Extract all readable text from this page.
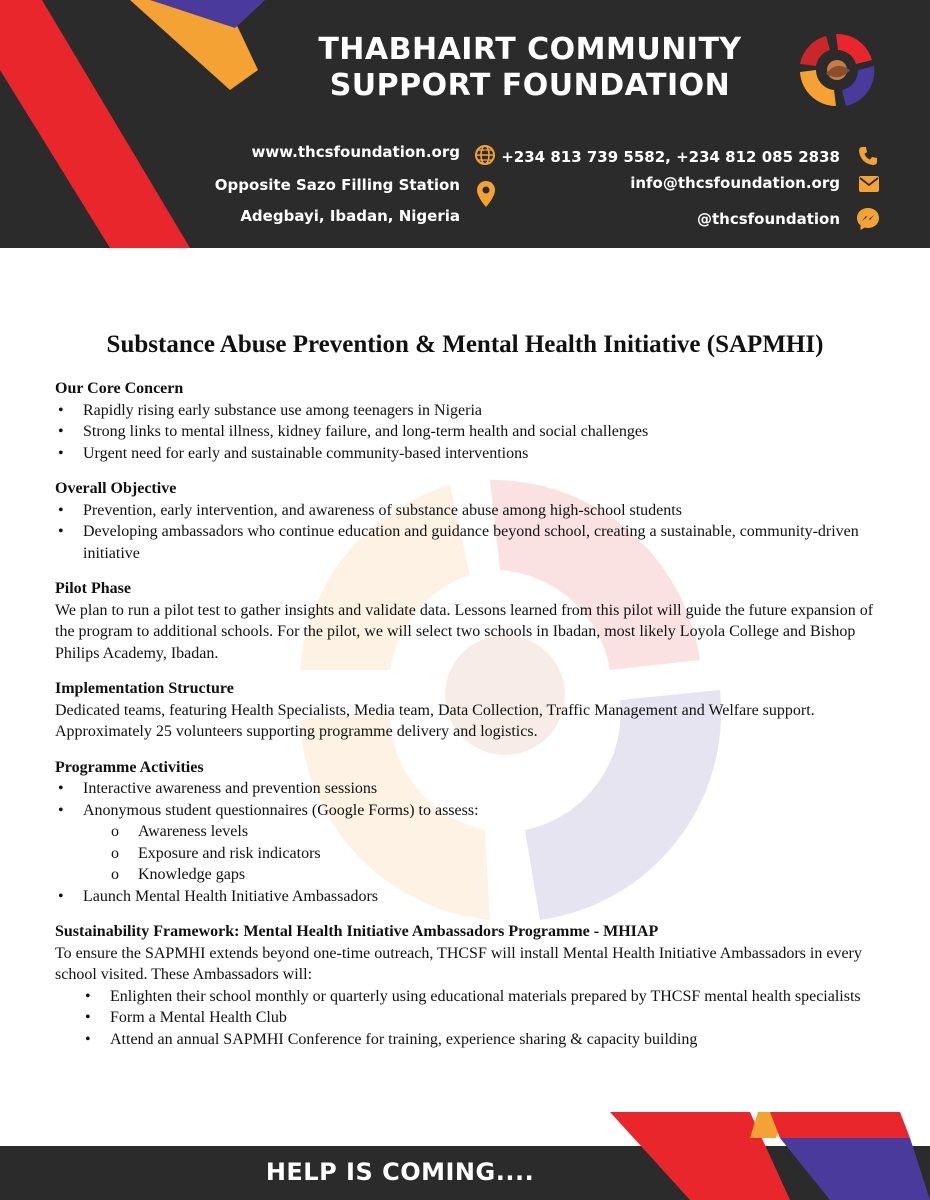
THABHAIRT COMMUNITY
SUPPORT FOUNDATION
www.thcsfoundation.org
Opposite Sazo Filling Station
Adegbayi, Ibadan, Nigeria
+234 813 739 5582, +234 812 085 2838
info@thcsfoundation.org
@thcsfoundation
Substance Abuse Prevention & Mental Health Initiative (SAPMHI)

Our Core Concern

• Rapidly rising early substance use among teenagers in Nigeria
• Strong links to mental illness, kidney failure, and long-term health and social challenges
• Urgent need for early and sustainable community-based interventions

Overall Objective

• Prevention, early intervention, and awareness of substance abuse among high-school students
• Developing ambassadors who continue education and guidance beyond school, creating a sustainable, community-driven initiative

Pilot Phase

We plan to run a pilot test to gather insights and validate data. Lessons learned from this pilot will guide the future expansion of the program to additional schools. For the pilot, we will select two schools in Ibadan, most likely Loyola College and Bishop Philips Academy, Ibadan.

Implementation Structure

Dedicated teams, featuring Health Specialists, Media team, Data Collection, Traffic Management and Welfare support. Approximately 25 volunteers supporting programme delivery and logistics.

Programme Activities

• Interactive awareness and prevention sessions
• Anonymous student questionnaires (Google Forms) to assess:
o Awareness levels
o Exposure and risk indicators
o Knowledge gaps
• Launch Mental Health Initiative Ambassadors

Sustainability Framework: Mental Health Initiative Ambassadors Programme - MHIAP

To ensure the SAPMHI extends beyond one-time outreach, THCSF will install Mental Health Initiative Ambassadors in every school visited. These Ambassadors will:

• Enlighten their school monthly or quarterly using educational materials prepared by THCSF mental health specialists
• Form a Mental Health Club
• Attend an annual SAPMHI Conference for training, experience sharing & capacity building
HELP IS COMING....
